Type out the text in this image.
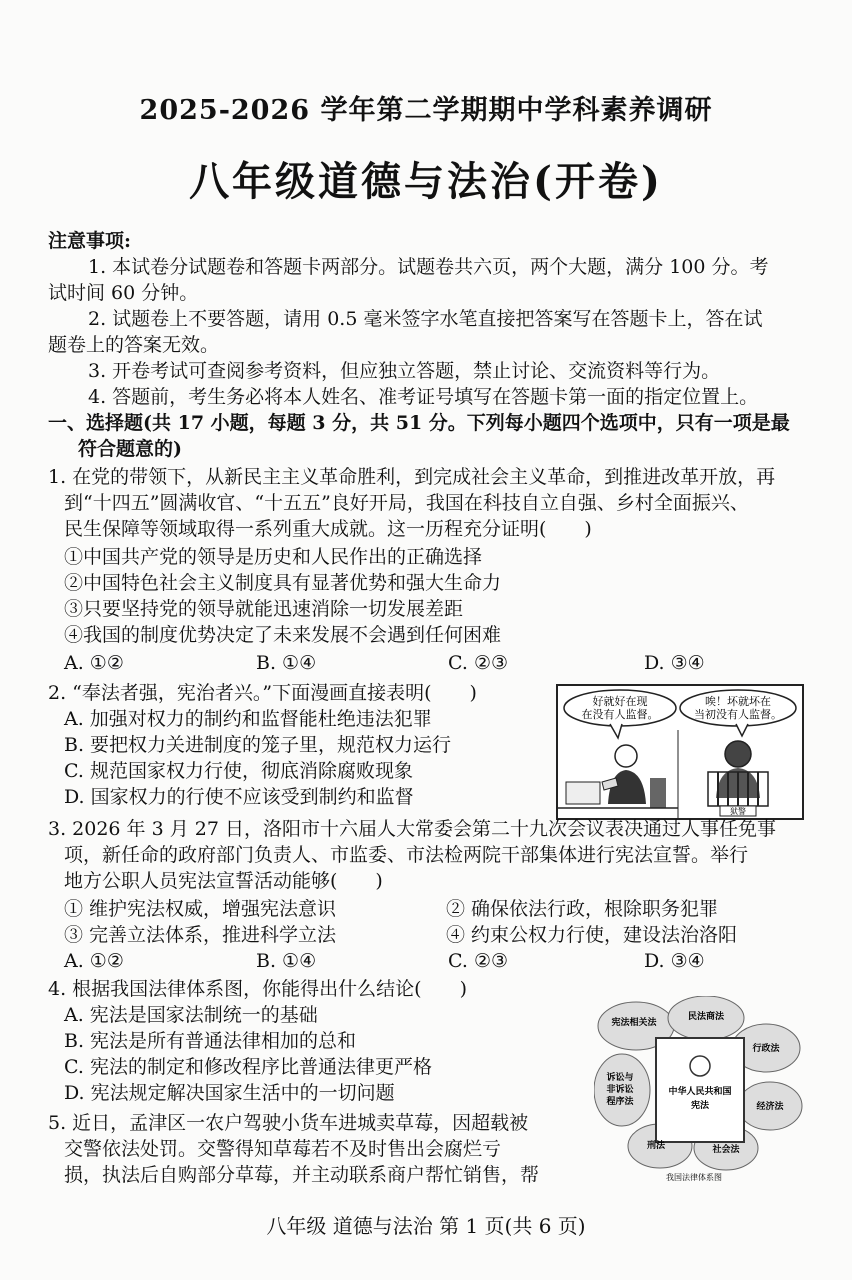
2025-2026 学年第二学期期中学科素养调研
八年级道德与法治(开卷)
注意事项:
1. 本试卷分试题卷和答题卡两部分。试题卷共六页，两个大题，满分 100 分。考
试时间 60 分钟。
2. 试题卷上不要答题，请用 0.5 毫米签字水笔直接把答案写在答题卡上，答在试
题卷上的答案无效。
3. 开卷考试可查阅参考资料，但应独立答题，禁止讨论、交流资料等行为。
4. 答题前，考生务必将本人姓名、准考证号填写在答题卡第一面的指定位置上。
一、选择题(共 17 小题，每题 3 分，共 51 分。下列每小题四个选项中，只有一项是最
符合题意的)
1. 在党的带领下，从新民主主义革命胜利，到完成社会主义革命，到推进改革开放，再
到“十四五”圆满收官、“十五五”良好开局，我国在科技自立自强、乡村全面振兴、
民生保障等领域取得一系列重大成就。这一历程充分证明(　　)
①中国共产党的领导是历史和人民作出的正确选择
②中国特色社会主义制度具有显著优势和强大生命力
③只要坚持党的领导就能迅速消除一切发展差距
④我国的制度优势决定了未来发展不会遇到任何困难
A. ①②	B. ①④	C. ②③	D. ③④
2. “奉法者强，宪治者兴。”下面漫画直接表明(　　)
A. 加强对权力的制约和监督能杜绝违法犯罪
B. 要把权力关进制度的笼子里，规范权力运行
C. 规范国家权力行使，彻底消除腐败现象
D. 国家权力的行使不应该受到制约和监督
好就好在现
在没有人监督。
唉！坏就坏在
当初没有人监督。
狱警
3. 2026 年 3 月 27 日，洛阳市十六届人大常委会第二十九次会议表决通过人事任免事
项，新任命的政府部门负责人、市监委、市法检两院干部集体进行宪法宣誓。举行
地方公职人员宪法宣誓活动能够(　　)
① 维护宪法权威，增强宪法意识	② 确保依法行政，根除职务犯罪
③ 完善立法体系，推进科学立法	④ 约束公权力行使，建设法治洛阳
A. ①②	B. ①④	C. ②③	D. ③④
4. 根据我国法律体系图，你能得出什么结论(　　)
A. 宪法是国家法制统一的基础
B. 宪法是所有普通法律相加的总和
C. 宪法的制定和修改程序比普通法律更严格
D. 宪法规定解决国家生活中的一切问题	中华人民共和国
宪法
宪法相关法
民法商法
行政法
经济法
社会法
刑法
诉讼与
非诉讼
程序法
我国法律体系图
5. 近日，孟津区一农户驾驶小货车进城卖草莓，因超载被
交警依法处罚。交警得知草莓若不及时售出会腐烂亏
损，执法后自购部分草莓，并主动联系商户帮忙销售，帮
八年级 道德与法治 第 1 页(共 6 页)
